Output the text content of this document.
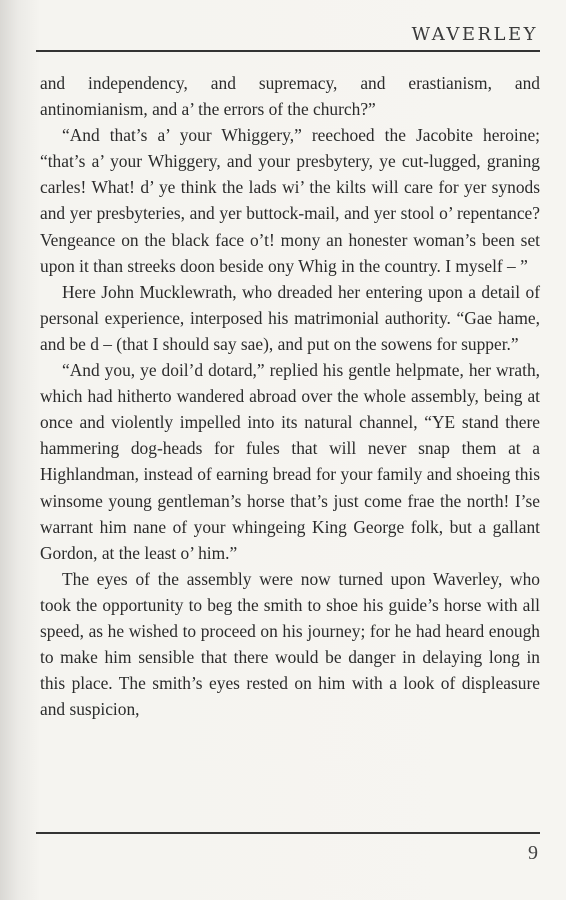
WAVERLEY

and independency, and supremacy, and erastianism, and antinomianism, and a’ the errors of the church?”

“And that’s a’ your Whiggery,” reechoed the Jacobite heroine; “that’s a’ your Whiggery, and your presbytery, ye cut-lugged, graning carles! What! d’ ye think the lads wi’ the kilts will care for yer synods and yer presbyteries, and yer buttock-mail, and yer stool o’ repentance? Vengeance on the black face o’t! mony an honester woman’s been set upon it than streeks doon beside ony Whig in the country. I myself – ”

Here John Mucklewrath, who dreaded her entering upon a detail of personal experience, interposed his matrimonial authority. “Gae hame, and be d – (that I should say sae), and put on the sowens for supper.”

“And you, ye doil’d dotard,” replied his gentle helpmate, her wrath, which had hitherto wandered abroad over the whole assembly, being at once and violently impelled into its natural channel, “YE stand there hammering dog-heads for fules that will never snap them at a Highlandman, instead of earning bread for your family and shoeing this winsome young gentleman’s horse that’s just come frae the north! I’se warrant him nane of your whingeing King George folk, but a gallant Gordon, at the least o’ him.”

The eyes of the assembly were now turned upon Waverley, who took the opportunity to beg the smith to shoe his guide’s horse with all speed, as he wished to proceed on his journey; for he had heard enough to make him sensible that there would be danger in delaying long in this place. The smith’s eyes rested on him with a look of displeasure and suspicion,

9
